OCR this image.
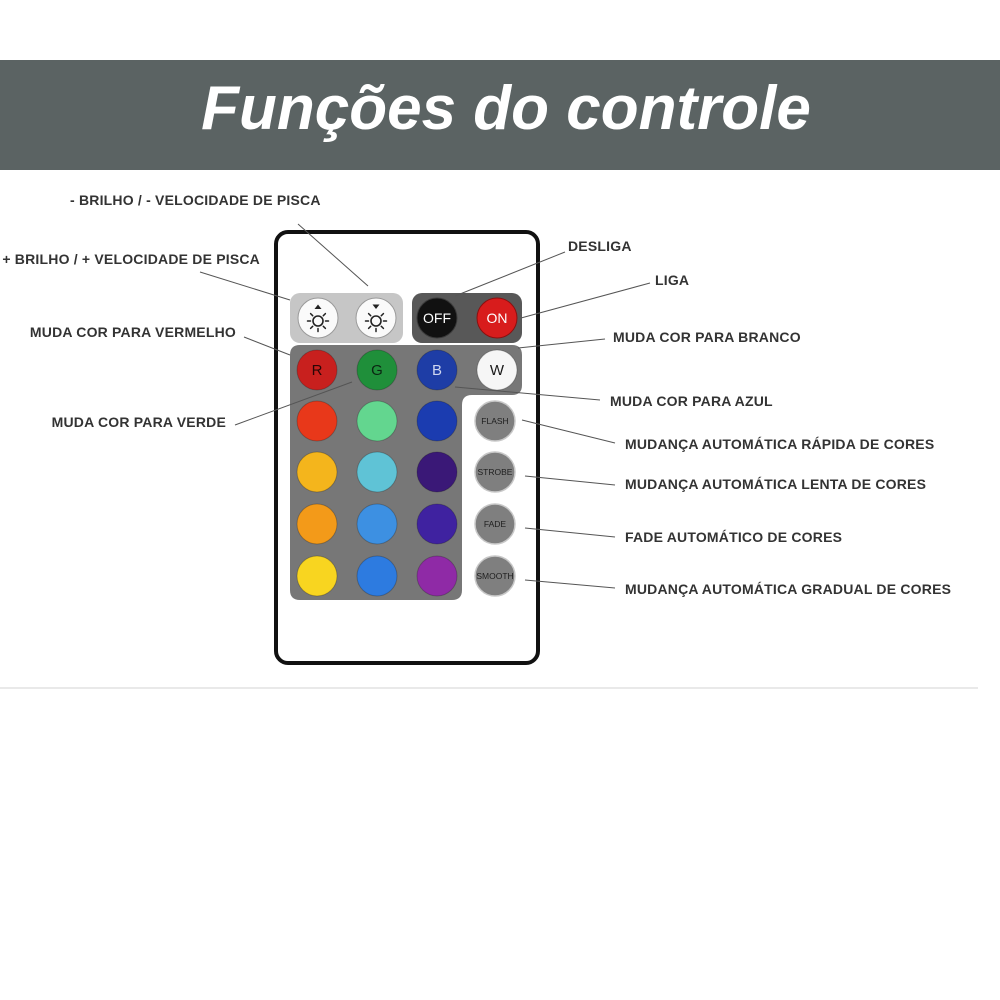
Funções do controle
OFF	ON
R	G	B	W
FLASH
STROBE
FADE
SMOOTH
- BRILHO / - VELOCIDADE DE PISCA
+ BRILHO / + VELOCIDADE DE PISCA
MUDA COR PARA VERMELHO
MUDA COR PARA VERDE
DESLIGA
LIGA
MUDA COR PARA BRANCO
MUDA COR PARA AZUL
MUDANÇA AUTOMÁTICA RÁPIDA DE CORES
MUDANÇA AUTOMÁTICA LENTA DE CORES
FADE AUTOMÁTICO DE CORES
MUDANÇA AUTOMÁTICA GRADUAL DE CORES
